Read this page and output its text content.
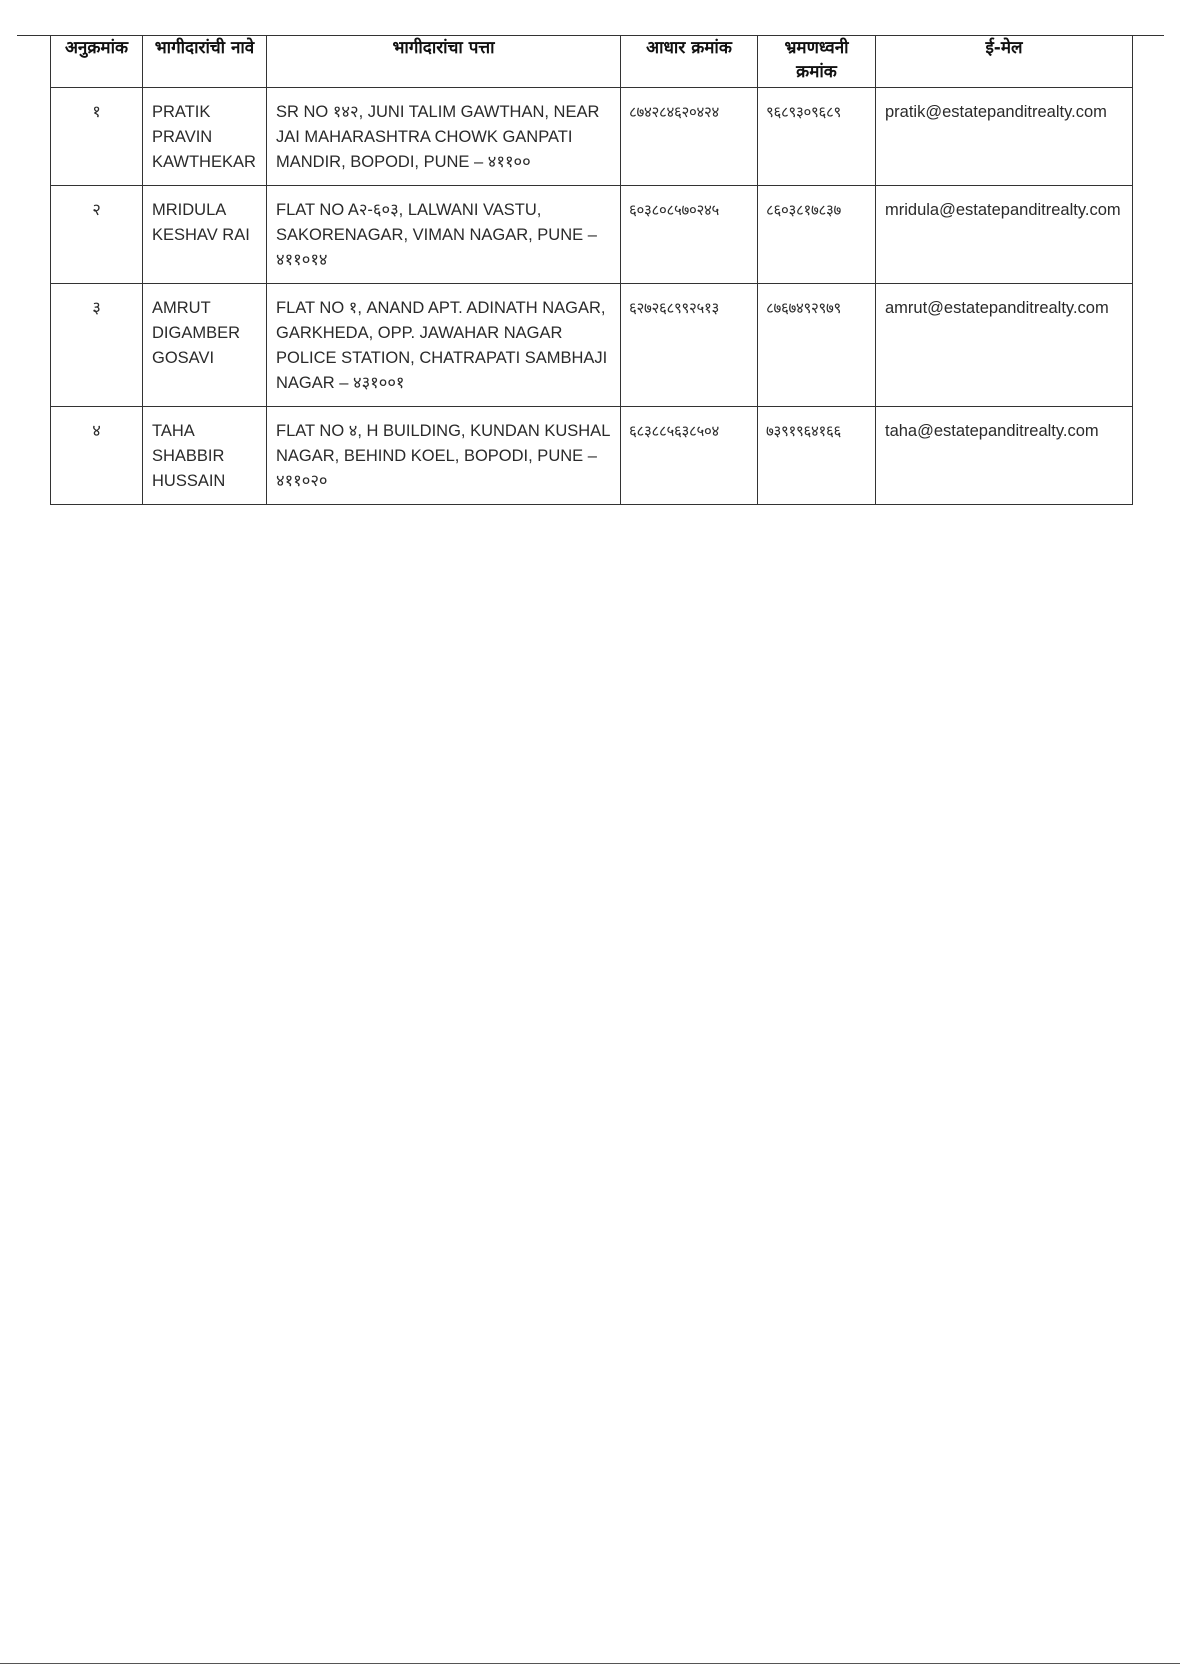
अनुक्रमांक	भागीदारांची नावे	भागीदारांचा पत्ता	आधार क्रमांक	भ्रमणध्वनी क्रमांक	ई-मेल
१	PRATIK PRAVIN KAWTHEKAR	SR NO १४२, JUNI TALIM GAWTHAN, NEAR JAI MAHARASHTRA CHOWK GANPATI MANDIR, BOPODI, PUNE – ४११००	८७४२८४६२०४२४	९६८९३०९६८९	pratik@estatepanditrealty.com
२	MRIDULA KESHAV RAI	FLAT NO A२-६०३, LALWANI VASTU, SAKORENAGAR, VIMAN NAGAR, PUNE – ४११०१४	६०३८०८५७०२४५	८६०३८१७८३७	mridula@estatepanditrealty.com
३	AMRUT DIGAMBER GOSAVI	FLAT NO १, ANAND APT. ADINATH NAGAR, GARKHEDA, OPP. JAWAHAR NAGAR POLICE STATION, CHATRAPATI SAMBHAJI NAGAR – ४३१००१	६२७२६८९९२५१३	८७६७४९२९७९	amrut@estatepanditrealty.com
४	TAHA SHABBIR HUSSAIN	FLAT NO ४, H BUILDING, KUNDAN KUSHAL NAGAR, BEHIND KOEL, BOPODI, PUNE – ४११०२०	६८३८८५६३८५०४	७३९१९६४१६६	taha@estatepanditrealty.com
